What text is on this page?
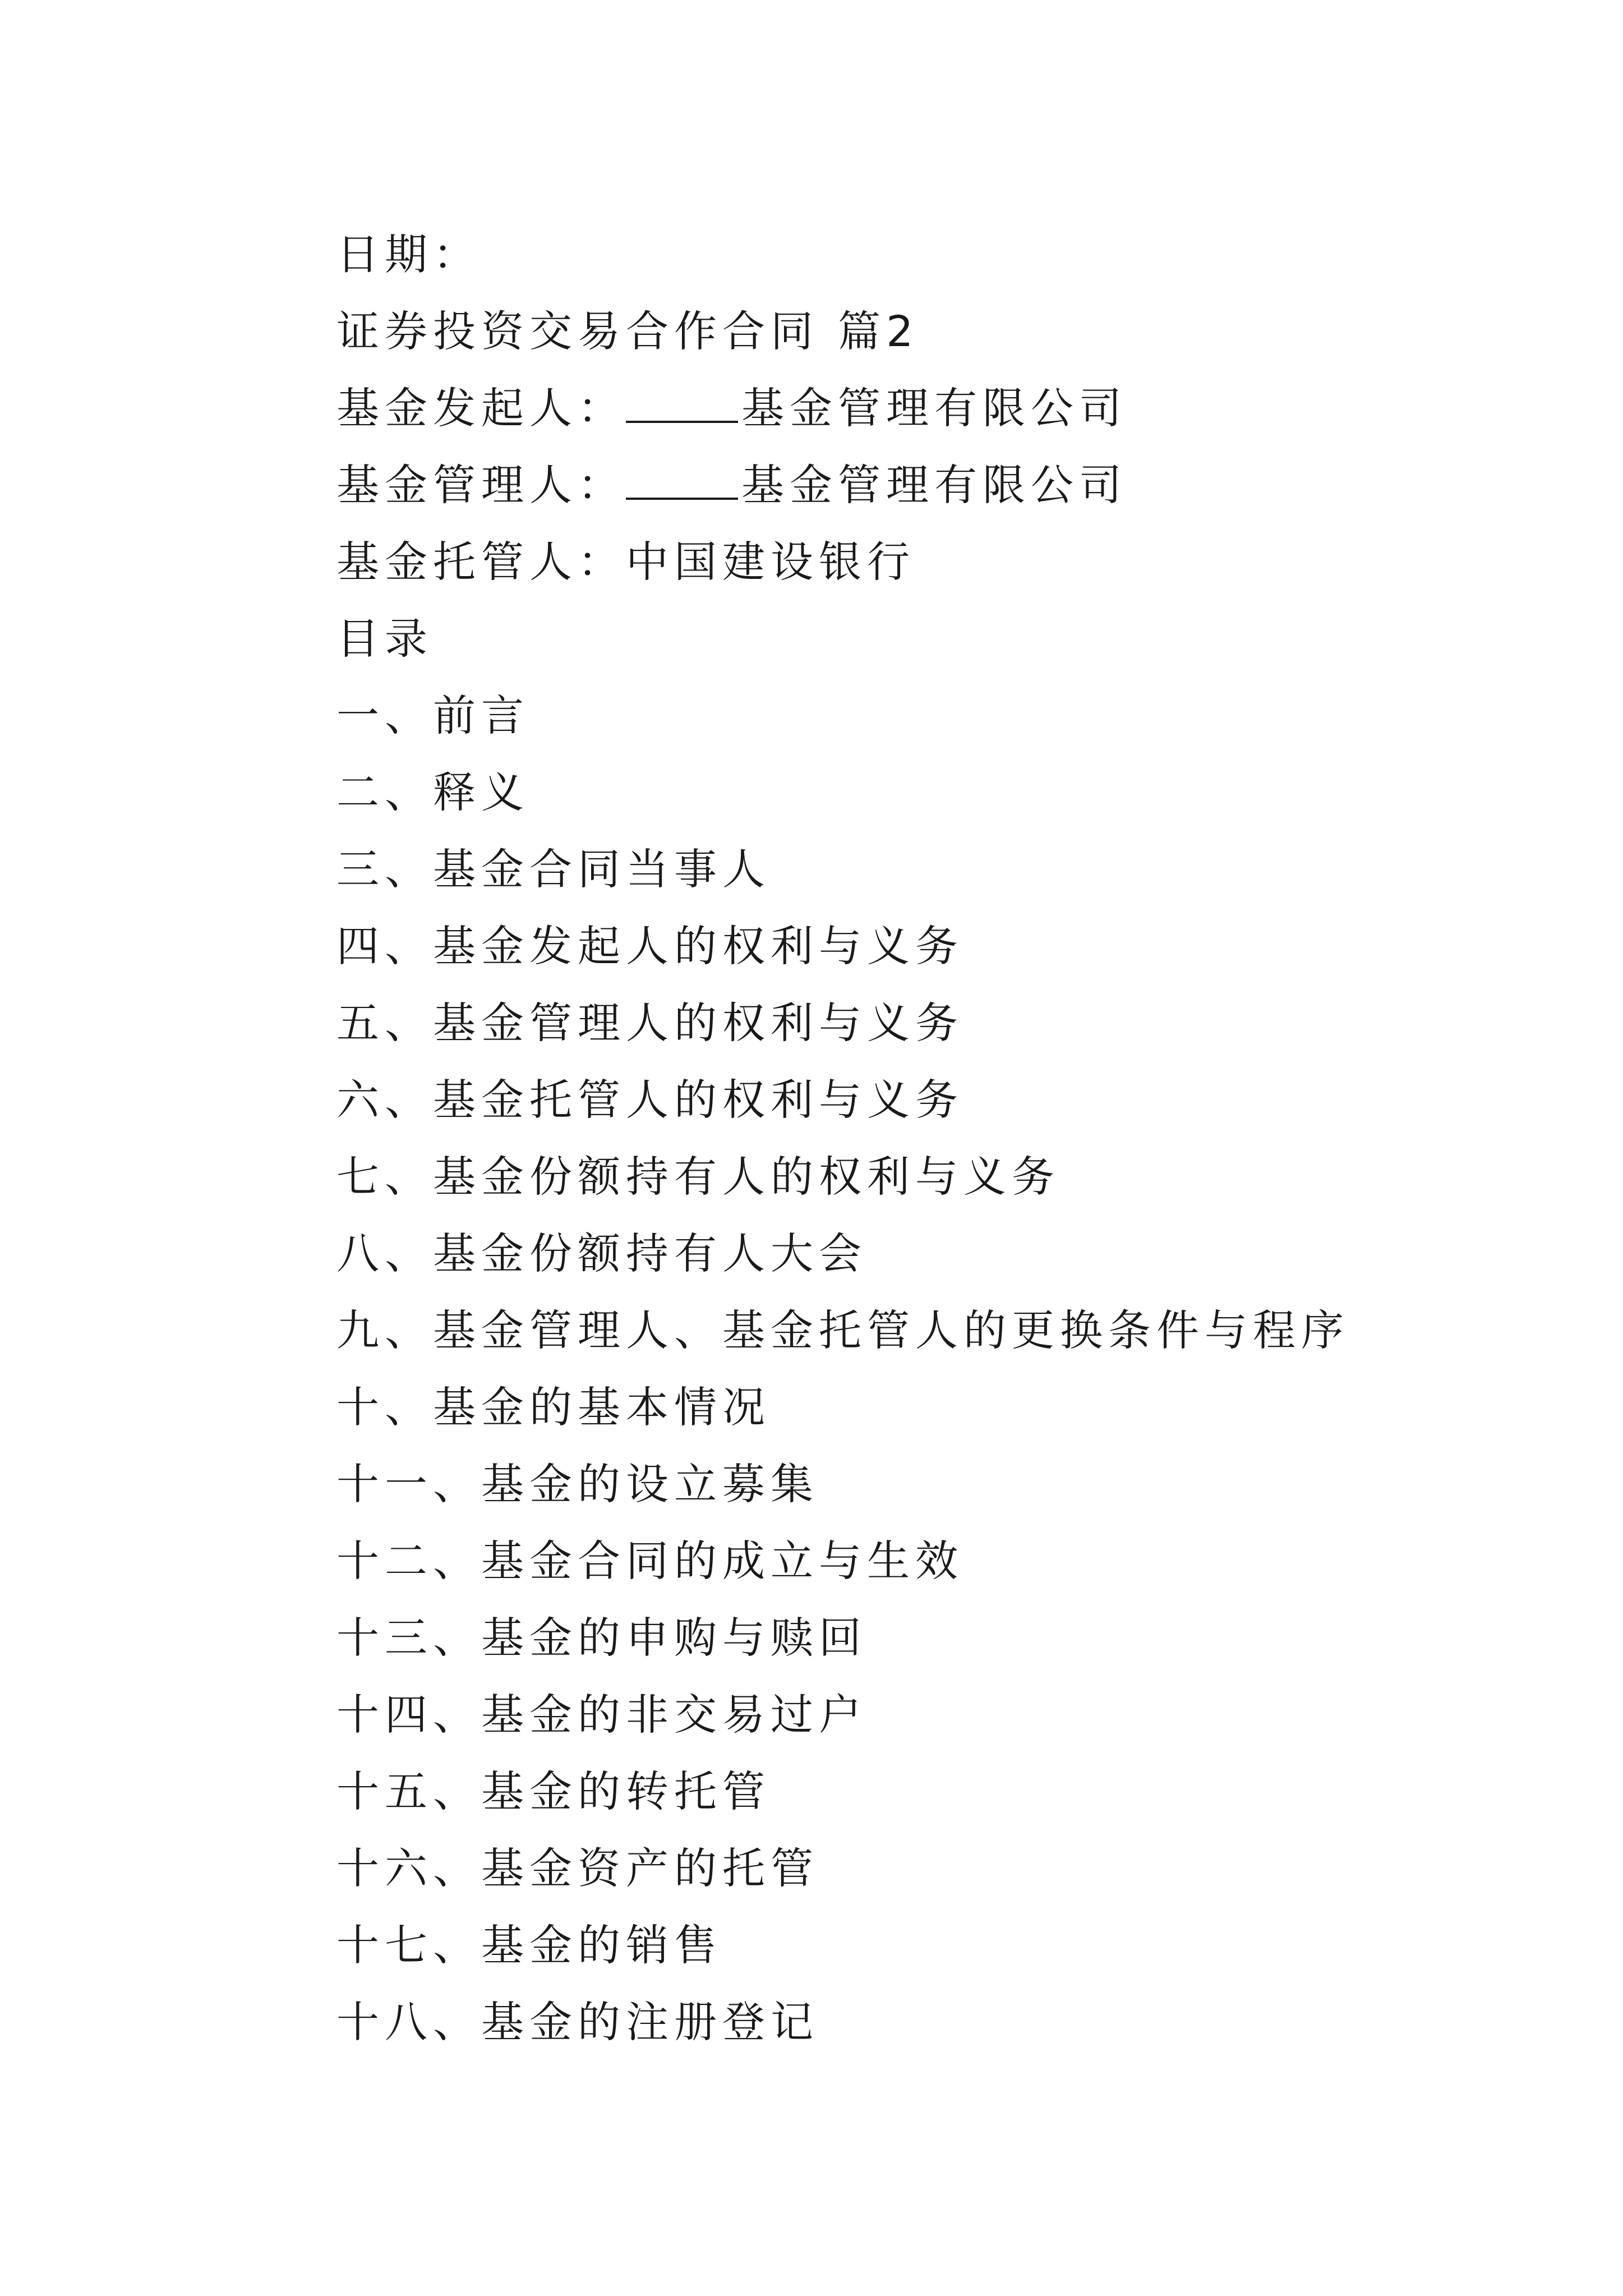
日期：
证券投资交易合作合同 篇2
基金发起人：	基金管理有限公司
基金管理人：	基金管理有限公司
基金托管人：中国建设银行
目录
一、前言
二、释义
三、基金合同当事人
四、基金发起人的权利与义务
五、基金管理人的权利与义务
六、基金托管人的权利与义务
七、基金份额持有人的权利与义务
八、基金份额持有人大会
九、基金管理人、基金托管人的更换条件与程序
十、基金的基本情况
十一、基金的设立募集
十二、基金合同的成立与生效
十三、基金的申购与赎回
十四、基金的非交易过户
十五、基金的转托管
十六、基金资产的托管
十七、基金的销售
十八、基金的注册登记
